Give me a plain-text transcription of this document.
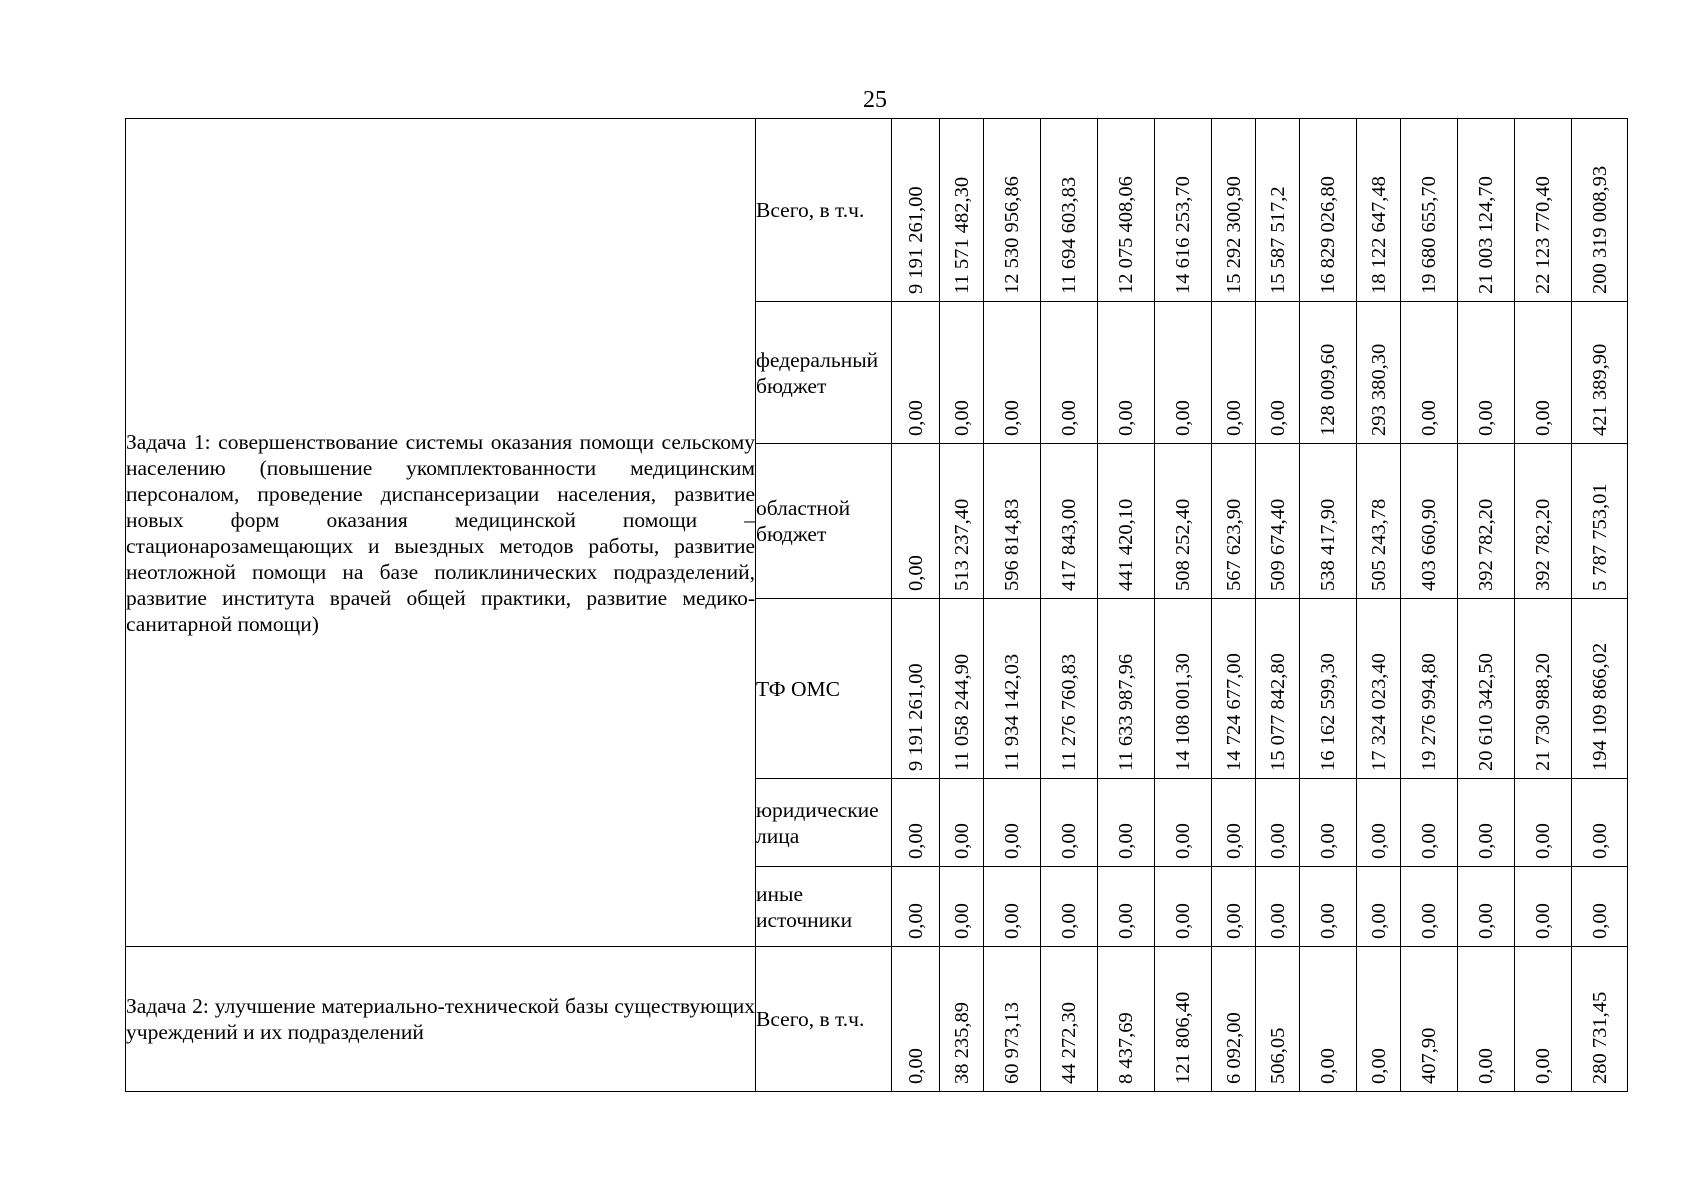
25
Задача 1: совершенствование системы оказания помощи сельскому населению (повышение укомплектованности медицинским персоналом, проведение диспансеризации населения, развитие новых форм оказания медицинской помощи – стационарозамещающих и выездных методов работы, развитие неотложной помощи на базе поликлинических подразделений, развитие института врачей общей практики, развитие медико-санитарной помощи)	Всего, в т.ч.	9 191 261,00	11 571 482,30	12 530 956,86	11 694 603,83	12 075 408,06	14 616 253,70	15 292 300,90	15 587 517,2	16 829 026,80	18 122 647,48	19 680 655,70	21 003 124,70	22 123 770,40	200 319 008,93

	федеральный бюджет	0,00	0,00	0,00	0,00	0,00	0,00	0,00	0,00	128 009,60	293 380,30	0,00	0,00	0,00	421 389,90

	областной бюджет	0,00	513 237,40	596 814,83	417 843,00	441 420,10	508 252,40	567 623,90	509 674,40	538 417,90	505 243,78	403 660,90	392 782,20	392 782,20	5 787 753,01

	ТФ ОМС	9 191 261,00	11 058 244,90	11 934 142,03	11 276 760,83	11 633 987,96	14 108 001,30	14 724 677,00	15 077 842,80	16 162 599,30	17 324 023,40	19 276 994,80	20 610 342,50	21 730 988,20	194 109 866,02

	юридические лица	0,00	0,00	0,00	0,00	0,00	0,00	0,00	0,00	0,00	0,00	0,00	0,00	0,00	0,00

	иные источники	0,00	0,00	0,00	0,00	0,00	0,00	0,00	0,00	0,00	0,00	0,00	0,00	0,00	0,00

Задача 2: улучшение материально-технической базы существующих учреждений и их подразделений	Всего, в т.ч.	0,00	38 235,89	60 973,13	44 272,30	8 437,69	121 806,40	6 092,00	506,05	0,00	0,00	407,90	0,00	0,00	280 731,45
